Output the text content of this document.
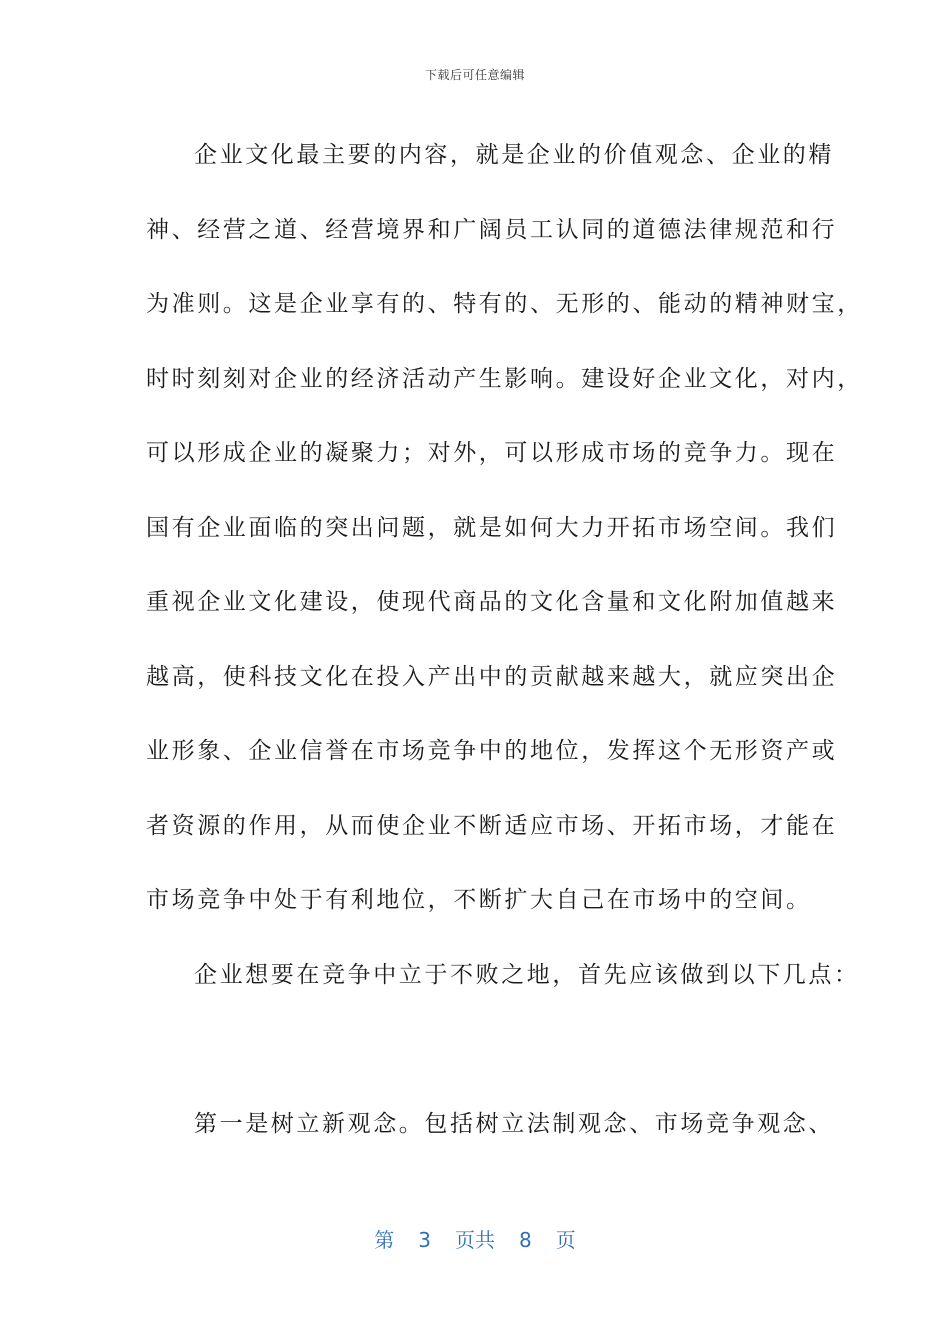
下载后可任意编辑

企业文化最主要的内容，就是企业的价值观念、企业的精
神、经营之道、经营境界和广阔员工认同的道德法律规范和行
为准则。这是企业享有的、特有的、无形的、能动的精神财宝，
时时刻刻对企业的经济活动产生影响。建设好企业文化，对内，
可以形成企业的凝聚力；对外，可以形成市场的竞争力。现在
国有企业面临的突出问题，就是如何大力开拓市场空间。我们
重视企业文化建设，使现代商品的文化含量和文化附加值越来
越高，使科技文化在投入产出中的贡献越来越大，就应突出企
业形象、企业信誉在市场竞争中的地位，发挥这个无形资产或
者资源的作用，从而使企业不断适应市场、开拓市场，才能在
市场竞争中处于有利地位，不断扩大自己在市场中的空间。

企业想要在竞争中立于不败之地，首先应该做到以下几点：

第一是树立新观念。包括树立法制观念、市场竞争观念、

第 3 页共 8 页
